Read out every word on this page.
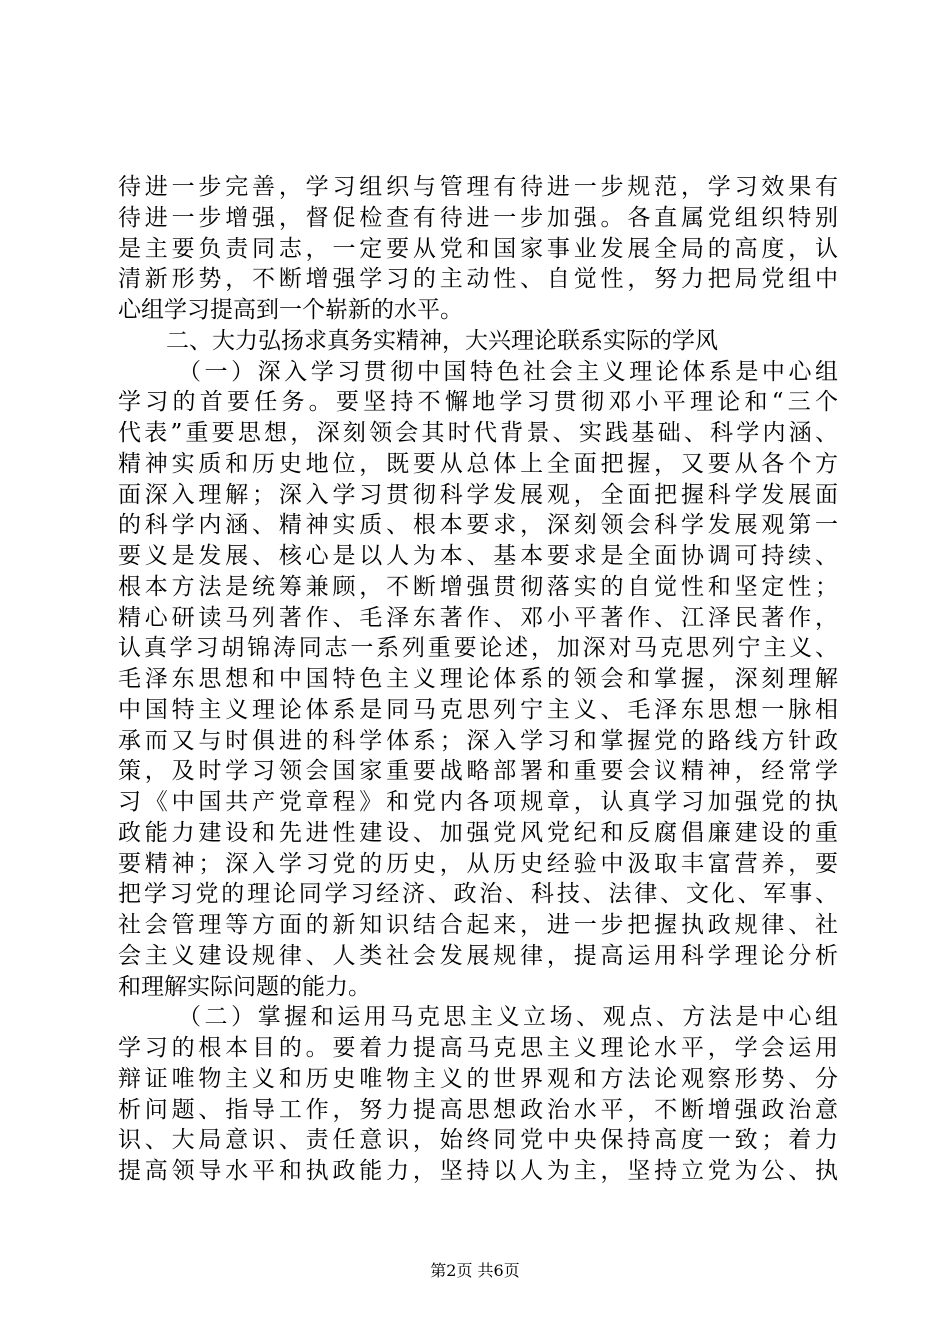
待进一步完善，学习组织与管理有待进一步规范，学习效果有
待进一步增强，督促检查有待进一步加强。各直属党组织特别
是主要负责同志，一定要从党和国家事业发展全局的高度，认
清新形势，不断增强学习的主动性、自觉性，努力把局党组中
心组学习提高到一个崭新的水平。
二、大力弘扬求真务实精神，大兴理论联系实际的学风
（一）深入学习贯彻中国特色社会主义理论体系是中心组
学习的首要任务。要坚持不懈地学习贯彻邓小平理论和“三个
代表”重要思想，深刻领会其时代背景、实践基础、科学内涵、
精神实质和历史地位，既要从总体上全面把握，又要从各个方
面深入理解；深入学习贯彻科学发展观，全面把握科学发展面
的科学内涵、精神实质、根本要求，深刻领会科学发展观第一
要义是发展、核心是以人为本、基本要求是全面协调可持续、
根本方法是统筹兼顾，不断增强贯彻落实的自觉性和坚定性；
精心研读马列著作、毛泽东著作、邓小平著作、江泽民著作，
认真学习胡锦涛同志一系列重要论述，加深对马克思列宁主义、
毛泽东思想和中国特色主义理论体系的领会和掌握，深刻理解
中国特主义理论体系是同马克思列宁主义、毛泽东思想一脉相
承而又与时俱进的科学体系；深入学习和掌握党的路线方针政
策，及时学习领会国家重要战略部署和重要会议精神，经常学
习《中国共产党章程》和党内各项规章，认真学习加强党的执
政能力建设和先进性建设、加强党风党纪和反腐倡廉建设的重
要精神；深入学习党的历史，从历史经验中汲取丰富营养，要
把学习党的理论同学习经济、政治、科技、法律、文化、军事、
社会管理等方面的新知识结合起来，进一步把握执政规律、社
会主义建设规律、人类社会发展规律，提高运用科学理论分析
和理解实际问题的能力。
（二）掌握和运用马克思主义立场、观点、方法是中心组
学习的根本目的。要着力提高马克思主义理论水平，学会运用
辩证唯物主义和历史唯物主义的世界观和方法论观察形势、分
析问题、指导工作，努力提高思想政治水平，不断增强政治意
识、大局意识、责任意识，始终同党中央保持高度一致；着力
提高领导水平和执政能力，坚持以人为主，坚持立党为公、执
第2页 共6页
